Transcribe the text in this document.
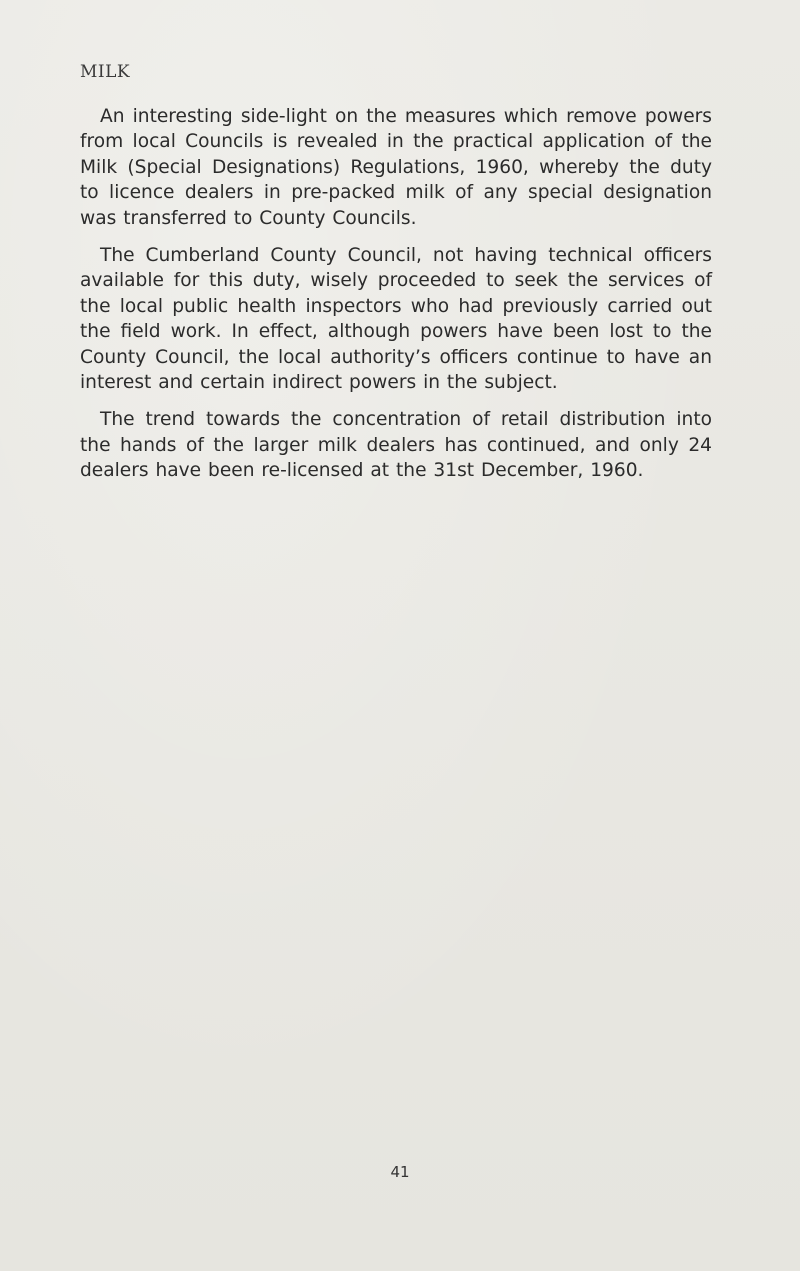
MILK

An interesting side-light on the measures which remove powers from local Councils is revealed in the practical application of the Milk (Special Designations) Regulations, 1960, whereby the duty to licence dealers in pre-packed milk of any special designation was transferred to County Councils.

The Cumberland County Council, not having technical officers available for this duty, wisely proceeded to seek the services of the local public health inspectors who had previously carried out the field work. In effect, although powers have been lost to the County Council, the local authority’s officers continue to have an interest and certain indirect powers in the subject.

The trend towards the concentration of retail distribution into the hands of the larger milk dealers has continued, and only 24 dealers have been re-licensed at the 31st December, 1960.

41
